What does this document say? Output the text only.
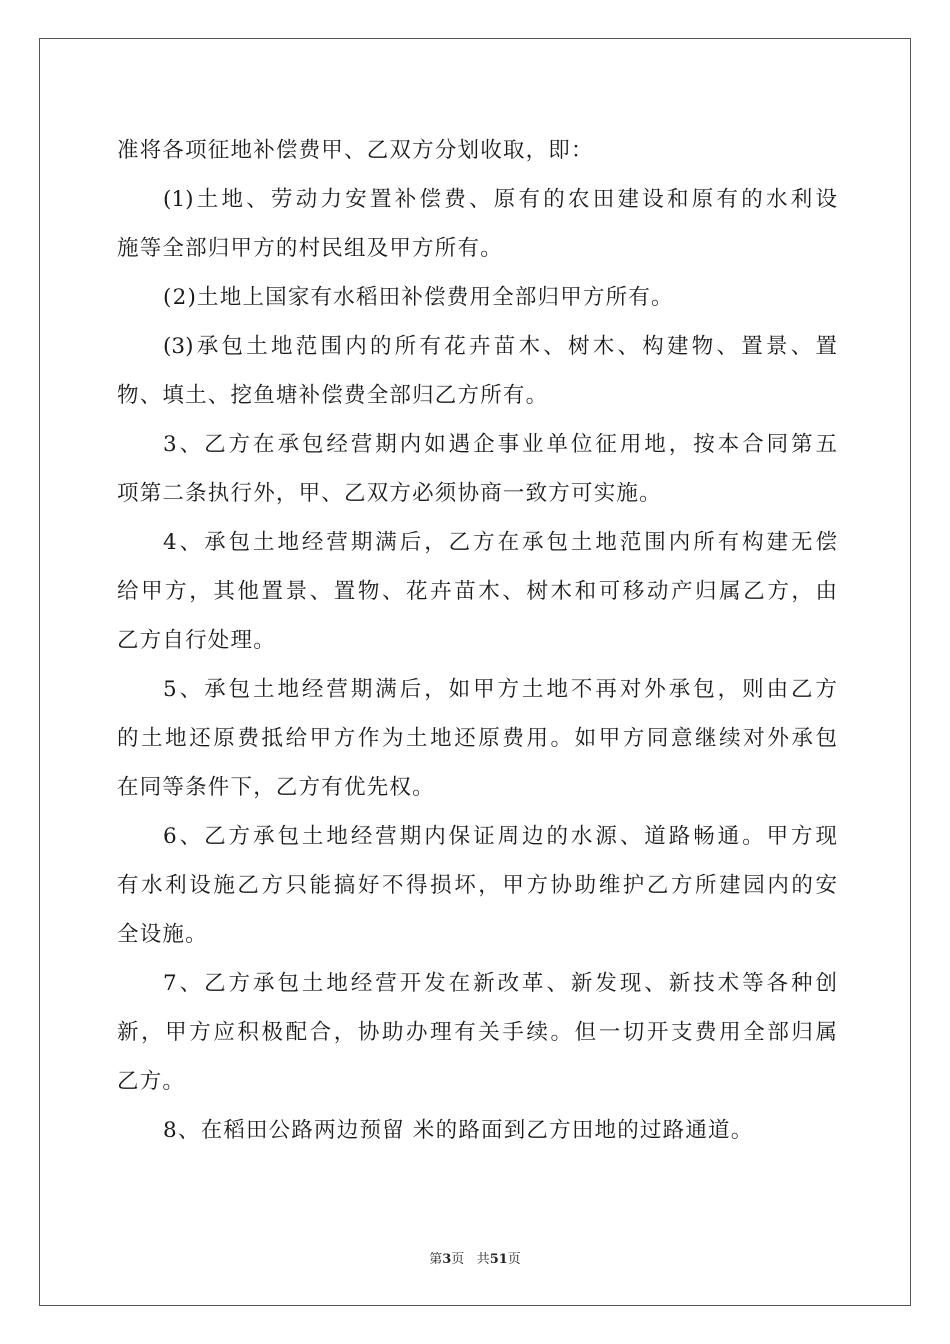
准将各项征地补偿费甲、乙双方分划收取，即：
(1)土地、劳动力安置补偿费、原有的农田建设和原有的水利设
施等全部归甲方的村民组及甲方所有。
(2)土地上国家有水稻田补偿费用全部归甲方所有。
(3)承包土地范围内的所有花卉苗木、树木、构建物、置景、置
物、填土、挖鱼塘补偿费全部归乙方所有。
3、乙方在承包经营期内如遇企事业单位征用地，按本合同第五
项第二条执行外，甲、乙双方必须协商一致方可实施。
4、承包土地经营期满后，乙方在承包土地范围内所有构建无偿
给甲方，其他置景、置物、花卉苗木、树木和可移动产归属乙方，由
乙方自行处理。
5、承包土地经营期满后，如甲方土地不再对外承包，则由乙方
的土地还原费抵给甲方作为土地还原费用。如甲方同意继续对外承包
在同等条件下，乙方有优先权。
6、乙方承包土地经营期内保证周边的水源、道路畅通。甲方现
有水利设施乙方只能搞好不得损坏，甲方协助维护乙方所建园内的安
全设施。
7、乙方承包土地经营开发在新改革、新发现、新技术等各种创
新，甲方应积极配合，协助办理有关手续。但一切开支费用全部归属
乙方。
8、在稻田公路两边预留 米的路面到乙方田地的过路通道。
第3页 共51页
